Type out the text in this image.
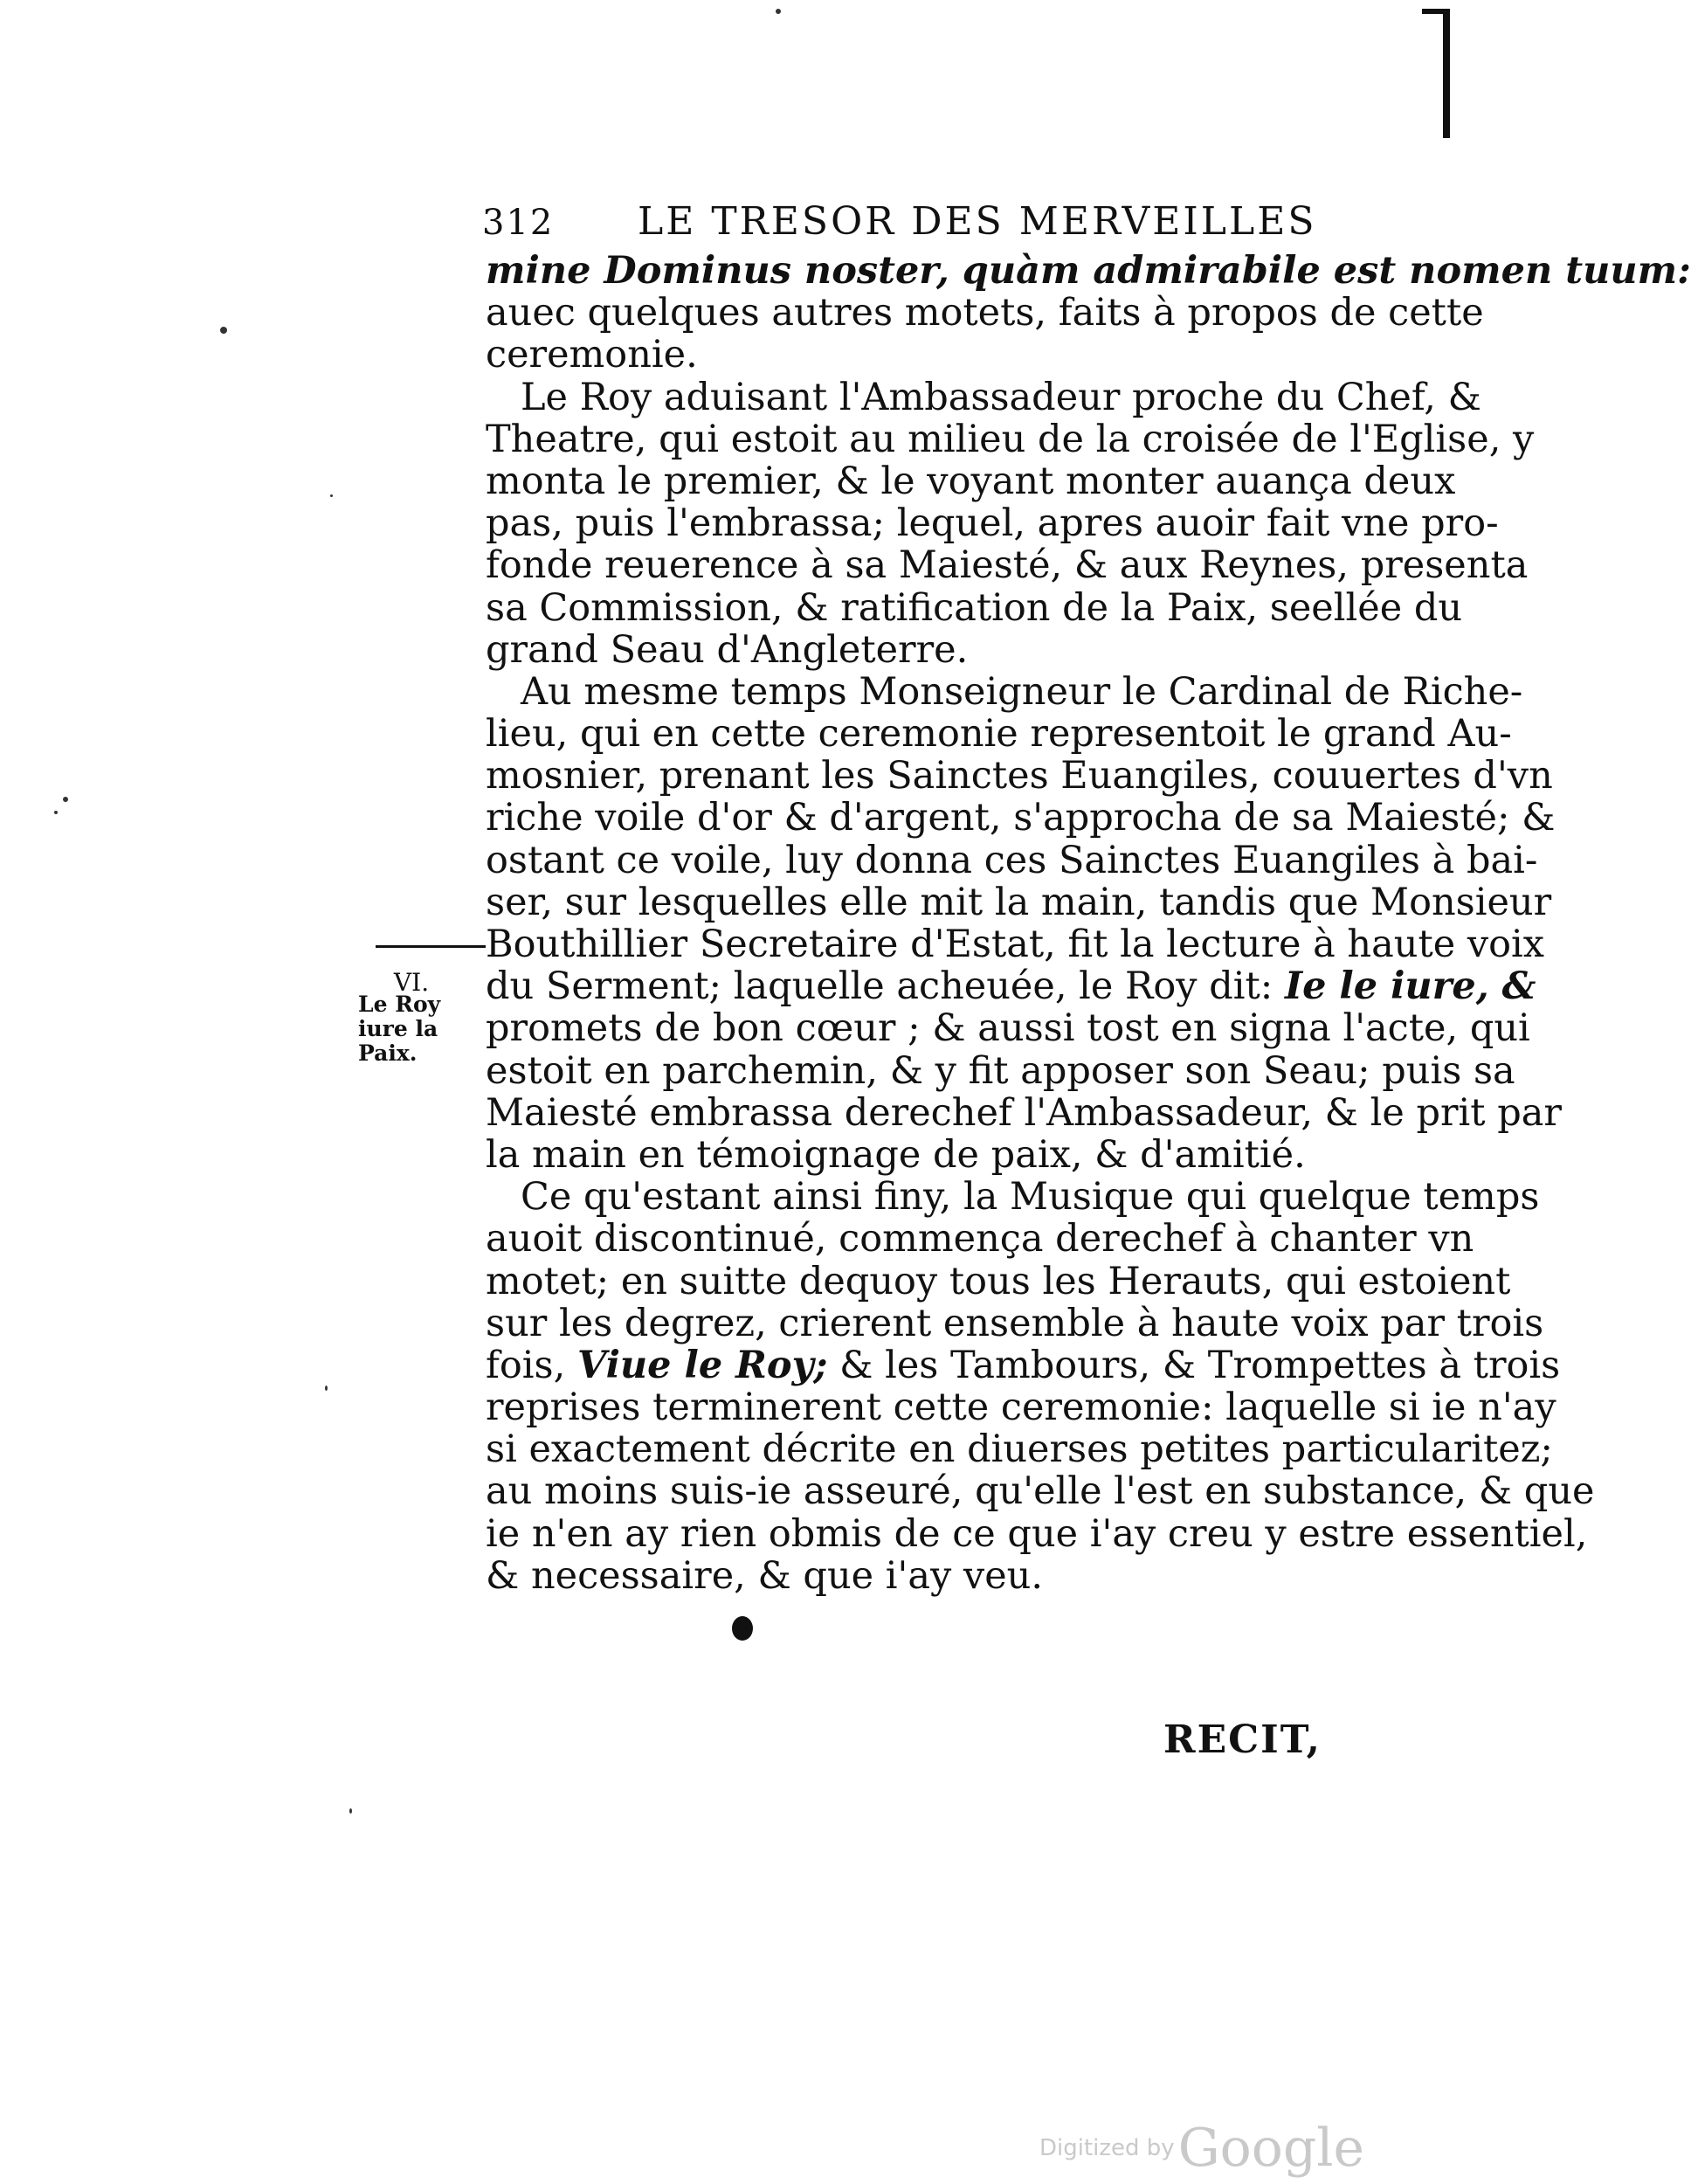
312 LE TRESOR DES MERVEILLES
mine Dominus noster, quàm admirabile est nomen tuum:
auec quelques autres motets, faits à propos de cette
ceremonie.
Le Roy aduisant l'Ambassadeur proche du Chef, &
Theatre, qui estoit au milieu de la croisée de l'Eglise, y
monta le premier, & le voyant monter auança deux
pas, puis l'embrassa; lequel, apres auoir fait vne pro-
fonde reuerence à sa Maiesté, & aux Reynes, presenta
sa Commission, & ratification de la Paix, seellée du
grand Seau d'Angleterre.
Au mesme temps Monseigneur le Cardinal de Riche-
lieu, qui en cette ceremonie representoit le grand Au-
mosnier, prenant les Sainctes Euangiles, couuertes d'vn
riche voile d'or & d'argent, s'approcha de sa Maiesté; &
ostant ce voile, luy donna ces Sainctes Euangiles à bai-
ser, sur lesquelles elle mit la main, tandis que Monsieur
Bouthillier Secretaire d'Estat, fit la lecture à haute voix
du Serment; laquelle acheuée, le Roy dit: Ie le iure, &
promets de bon cœur ; & aussi tost en signa l'acte, qui
estoit en parchemin, & y fit apposer son Seau; puis sa
Maiesté embrassa derechef l'Ambassadeur, & le prit par
la main en témoignage de paix, & d'amitié.
Ce qu'estant ainsi finy, la Musique qui quelque temps
auoit discontinué, commença derechef à chanter vn
motet; en suitte dequoy tous les Herauts, qui estoient
sur les degrez, crierent ensemble à haute voix par trois
fois, Viue le Roy; & les Tambours, & Trompettes à trois
reprises terminerent cette ceremonie: laquelle si ie n'ay
si exactement décrite en diuerses petites particularitez;
au moins suis-ie asseuré, qu'elle l'est en substance, & que
ie n'en ay rien obmis de ce que i'ay creu y estre essentiel,
& necessaire, & que i'ay veu.
VI.
Le Roy iure la Paix.
RECIT,
Digitized byGoogle
